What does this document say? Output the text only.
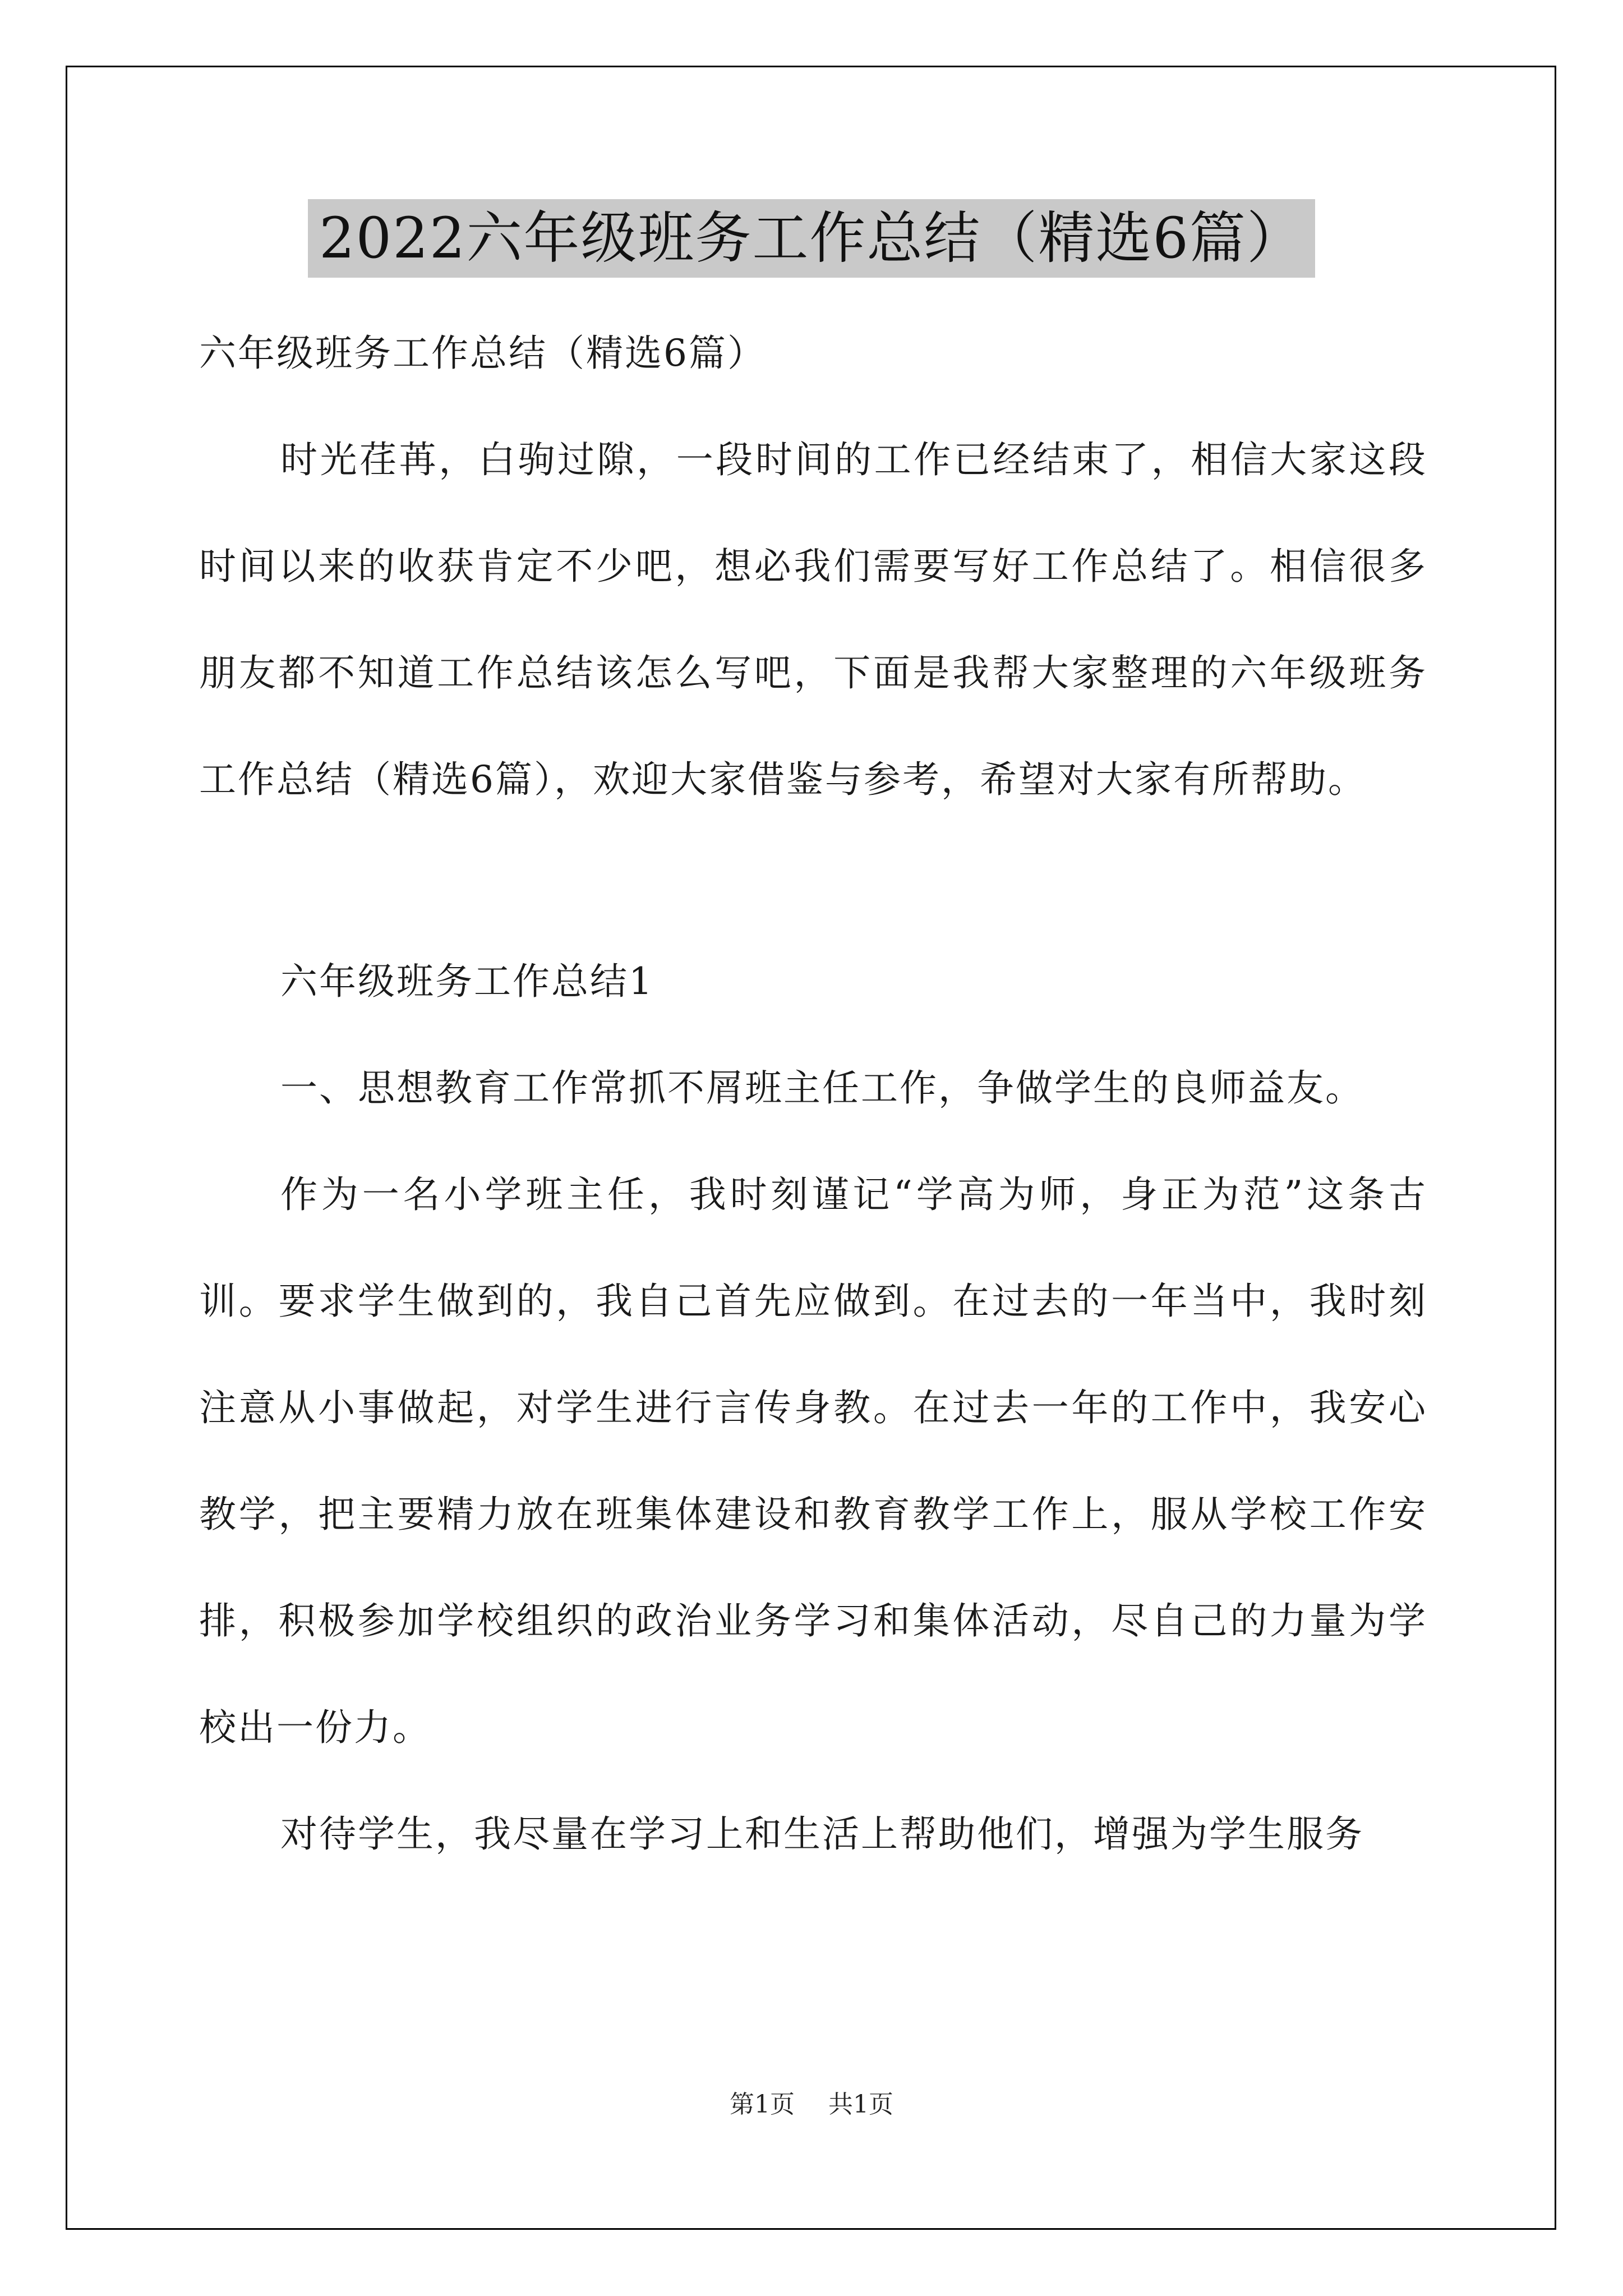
2022六年级班务工作总结（精选6篇）
六年级班务工作总结（精选6篇）

时光荏苒，白驹过隙，一段时间的工作已经结束了，相信大家这段时间以来的收获肯定不少吧，想必我们需要写好工作总结了。相信很多朋友都不知道工作总结该怎么写吧，下面是我帮大家整理的六年级班务工作总结（精选6篇），欢迎大家借鉴与参考，希望对大家有所帮助。

六年级班务工作总结1
一、思想教育工作常抓不屑班主任工作，争做学生的良师益友。

作为一名小学班主任，我时刻谨记“学高为师，身正为范”这条古训。要求学生做到的，我自己首先应做到。在过去的一年当中，我时刻注意从小事做起，对学生进行言传身教。在过去一年的工作中，我安心教学，把主要精力放在班集体建设和教育教学工作上，服从学校工作安排，积极参加学校组织的政治业务学习和集体活动，尽自己的力量为学校出一份力。

对待学生，我尽量在学习上和生活上帮助他们，增强为学生服务

第1页 共1页
